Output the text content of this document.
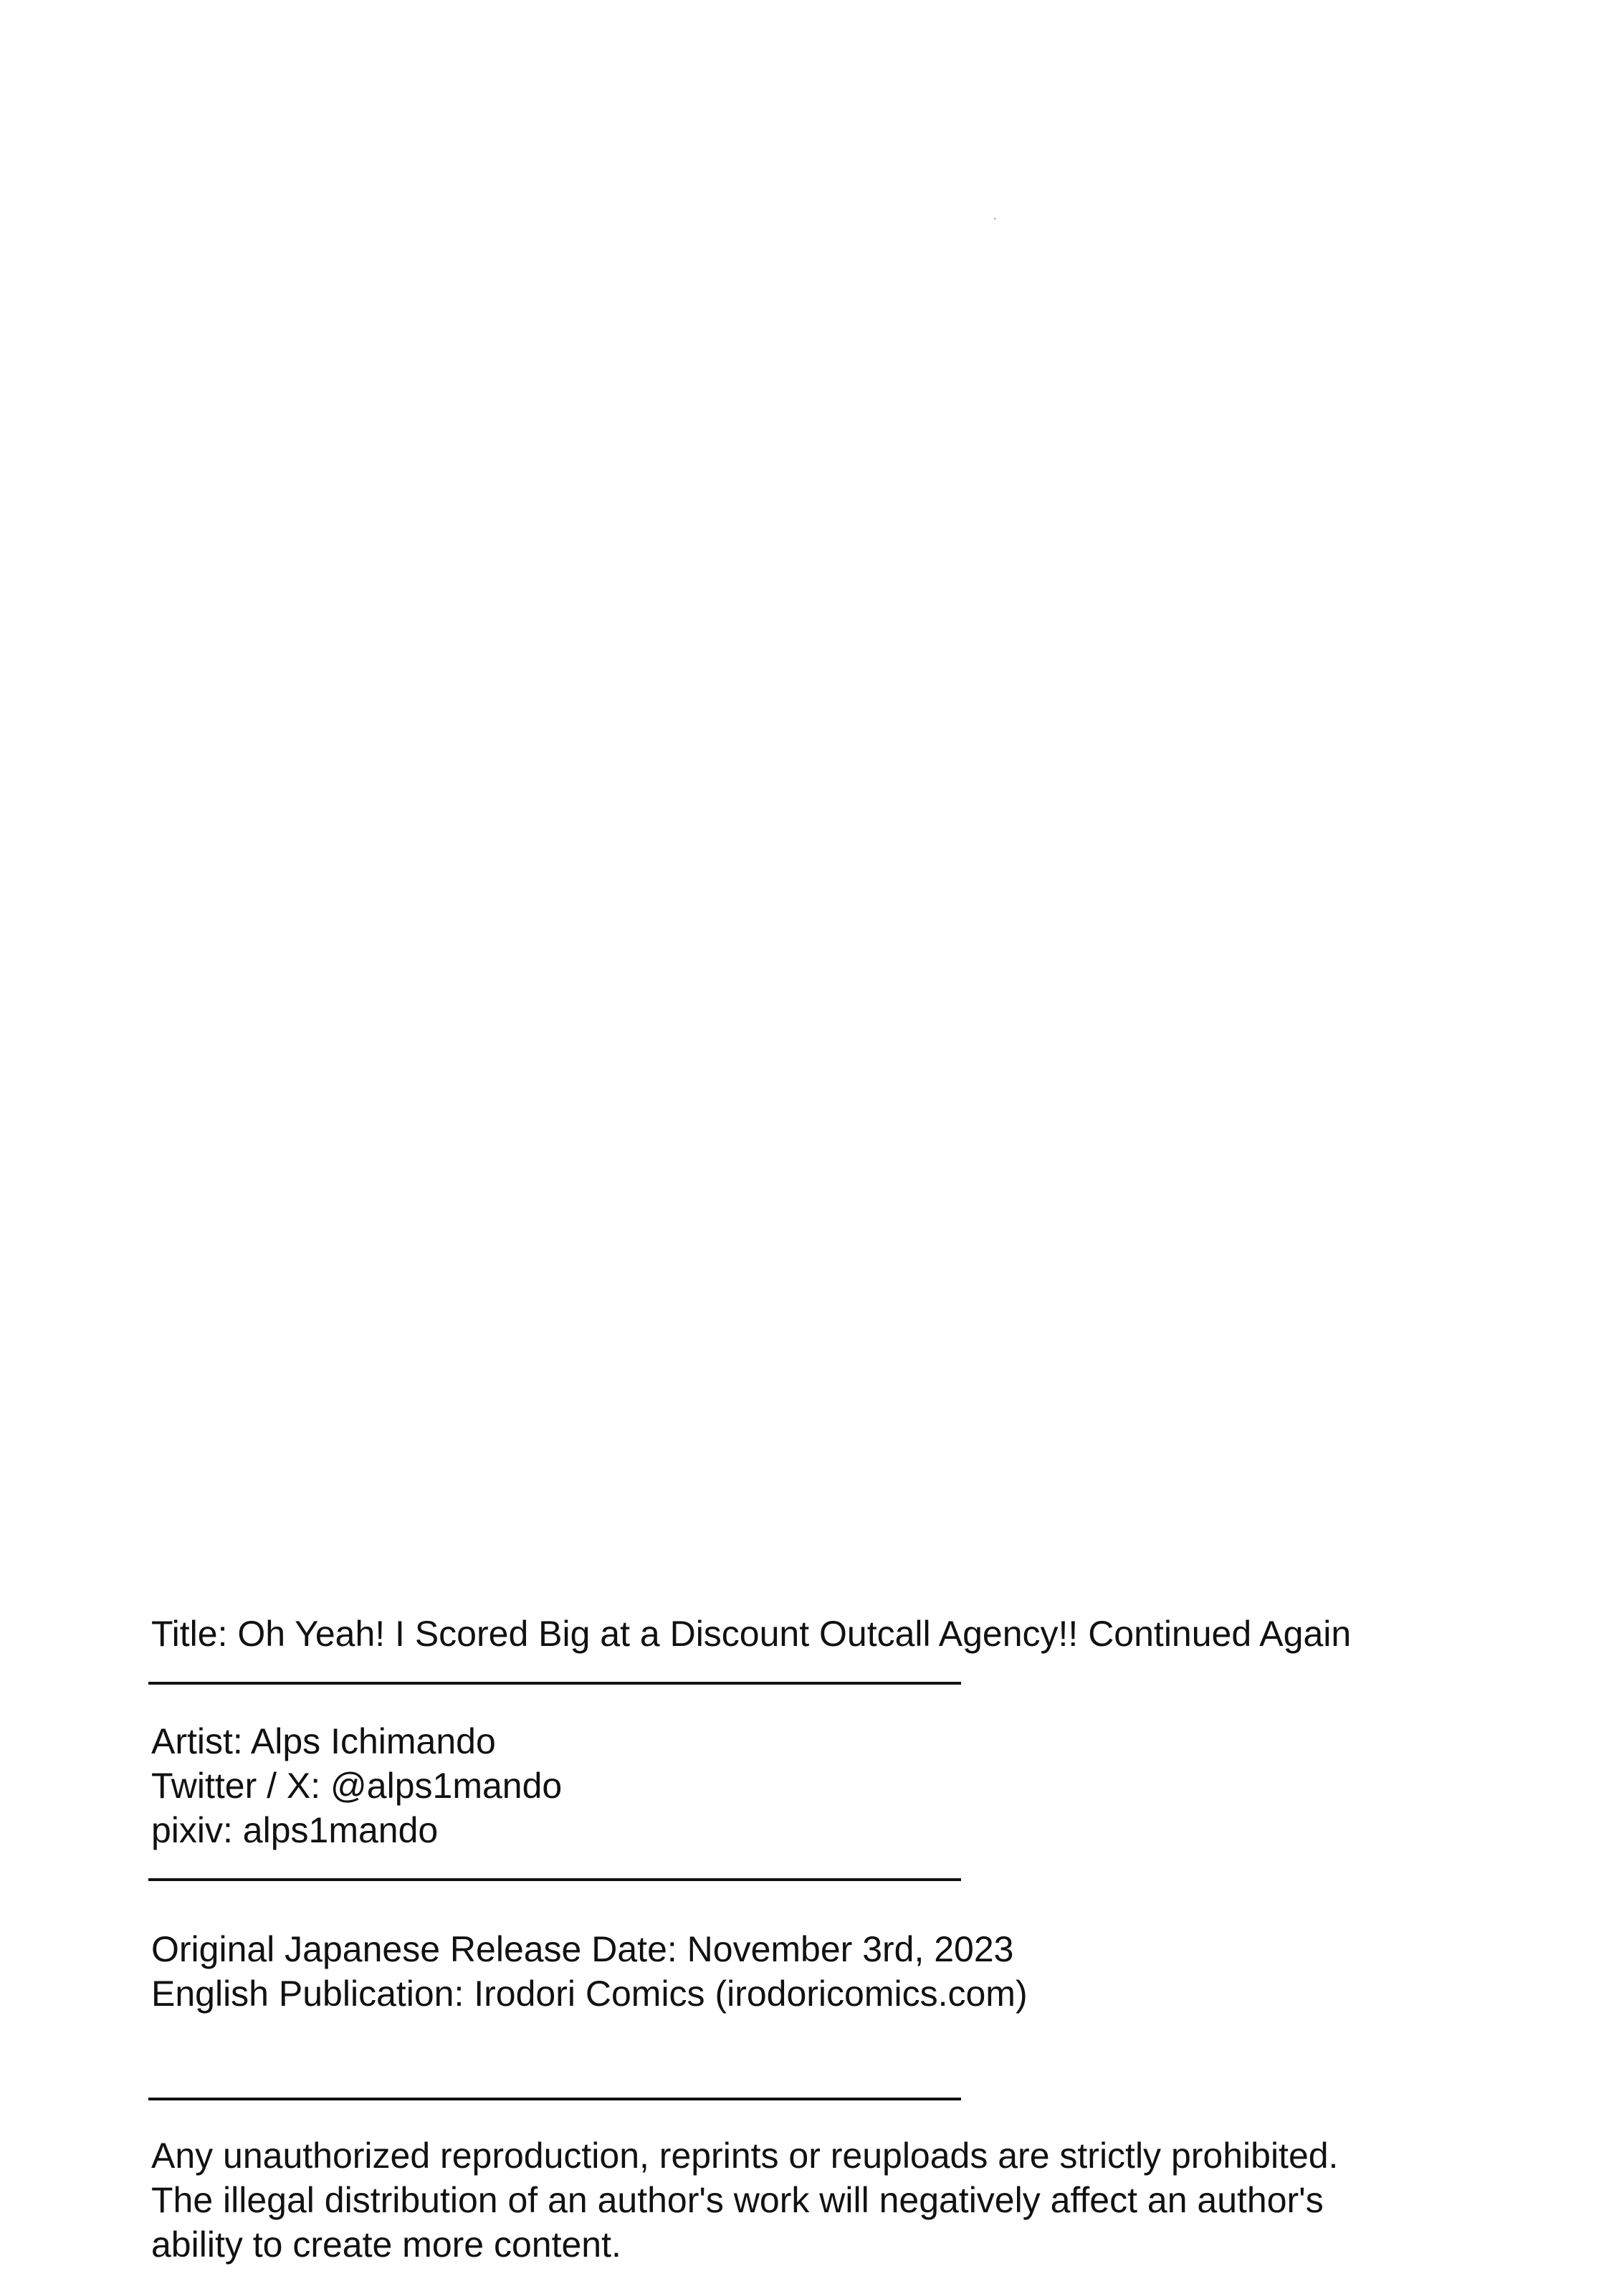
Title: Oh Yeah! I Scored Big at a Discount Outcall Agency!! Continued Again

Artist: Alps Ichimando

Twitter / X: @alps1mando

pixiv: alps1mando

Original Japanese Release Date: November 3rd, 2023

English Publication: Irodori Comics (irodoricomics.com)

Any unauthorized reproduction, reprints or reuploads are strictly prohibited.

The illegal distribution of an author's work will negatively affect an author's

ability to create more content.
